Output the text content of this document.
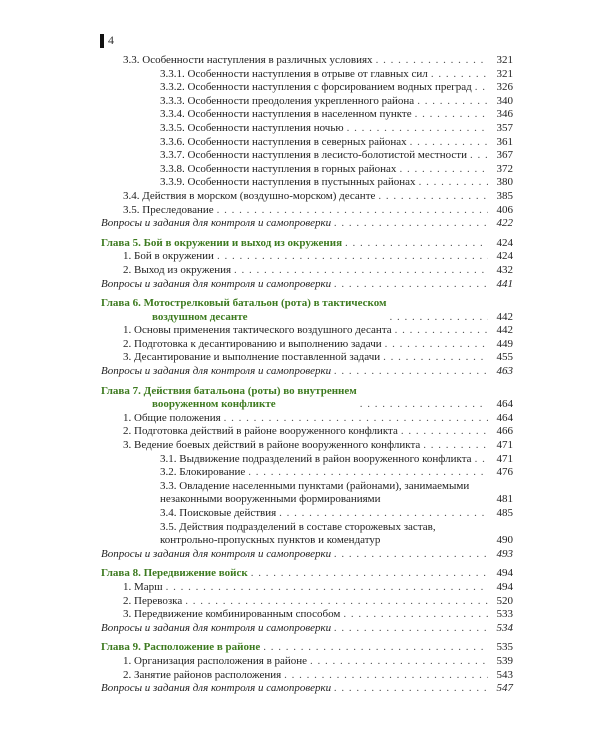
4
3.3. Особенности наступления в различных условиях . . .	321
3.3.1. Особенности наступления в отрыве от главных сил . . .	321
3.3.2. Особенности наступления с форсированием водных преград . . .	326
3.3.3. Особенности преодоления укрепленного района . . .	340
3.3.4. Особенности наступления в населенном пункте . . .	346
3.3.5. Особенности наступления ночью . . .	357
3.3.6. Особенности наступления в северных районах . . .	361
3.3.7. Особенности наступления в лесисто-болотистой местности . . .	367
3.3.8. Особенности наступления в горных районах . . .	372
3.3.9. Особенности наступления в пустынных районах . . .	380
3.4. Действия в морском (воздушно-морском) десанте . . .	385
3.5. Преследование . . .	406
Вопросы и задания для контроля и самопроверки . . .	422
Глава 5. Бой в окружении и выход из окружения . . .	424
1. Бой в окружении . . .	424
2. Выход из окружения . . .	432
Вопросы и задания для контроля и самопроверки . . .	441
Глава 6. Мотострелковый батальон (рота) в тактическом
воздушном десанте . . .	442
1. Основы применения тактического воздушного десанта . . .	442
2. Подготовка к десантированию и выполнению задачи . . .	449
3. Десантирование и выполнение поставленной задачи . . .	455
Вопросы и задания для контроля и самопроверки . . .	463
Глава 7. Действия батальона (роты) во внутреннем
вооруженном конфликте . . .	464
1. Общие положения . . .	464
2. Подготовка действий в районе вооруженного конфликта . . .	466
3. Ведение боевых действий в районе вооруженного конфликта . . .	471
3.1. Выдвижение подразделений в район вооруженного конфликта . . .	471
3.2. Блокирование . . .	476
3.3. Овладение населенными пунктами (районами), занимаемыми незаконными вооруженными формированиями	481
3.4. Поисковые действия . . .	485
3.5. Действия подразделений в составе сторожевых застав, контрольно-пропускных пунктов и комендатур	490
Вопросы и задания для контроля и самопроверки . . .	493
Глава 8. Передвижение войск . . .	494
1. Марш . . .	494
2. Перевозка . . .	520
3. Передвижение комбинированным способом . . .	533
Вопросы и задания для контроля и самопроверки . . .	534
Глава 9. Расположение в районе . . .	535
1. Организация расположения в районе . . .	539
2. Занятие районов расположения . . .	543
Вопросы и задания для контроля и самопроверки . . .	547
